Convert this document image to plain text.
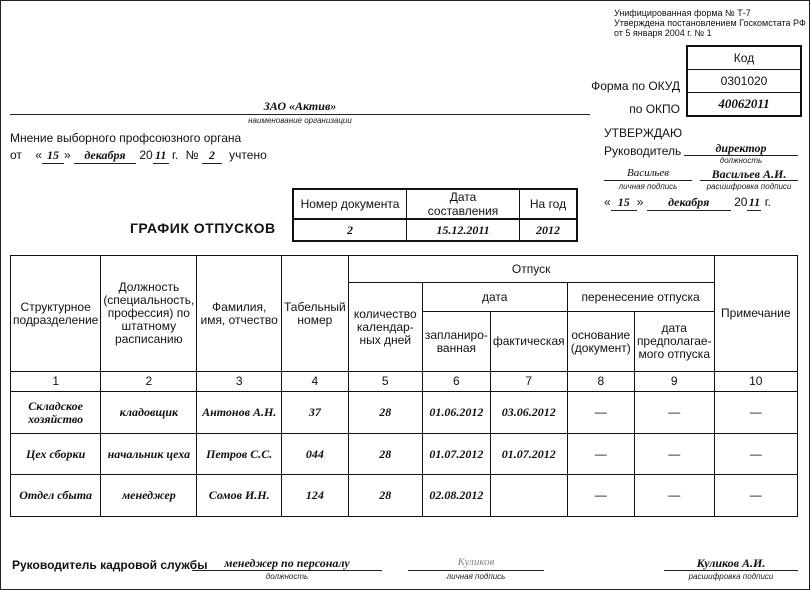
Унифицированная форма № Т-7
Утверждена постановлением Госкомстата РФ
от 5 января 2004 г. № 1
Код
0301020
40062011
Форма по ОКУД
по ОКПО
ЗАО «Актив»
наименование организации
Мнение выборного профсоюзного органа
от « 15 » декабря 20 11 г. № 2 учтено
УТВЕРЖДАЮ
Руководитель	директор
должность
Васильев
личная подпись
Васильев А.И.
расшифровка подписи
« 15 » декабря 2011 г.
Номер документа	Дата составления	На год
2	15.12.2011	2012
ГРАФИК ОТПУСКОВ
Структурное подразделение	Должность (специальность, профессия) по штатному расписанию	Фамилия, имя, отчество	Табельный номер	Отпуск					Примечание
				количество календар-ных дней	дата		перенесение отпуска		
					запланиро-ванная	фактическая	основание (документ)	дата предполагае-мого отпуска	
1	2	3	4	5	6	7	8	9	10
Складское хозяйство	кладовщик	Антонов А.Н.	37	28	01.06.2012	03.06.2012	—	—	—
Цех сборки	начальник цеха	Петров С.С.	044	28	01.07.2012	01.07.2012	—	—	—
Отдел сбыта	менеджер	Сомов И.Н.	124	28	02.08.2012		—	—	—
Руководитель кадровой службы	менеджер по персоналу
должность
Куликов
личная подпись
Куликов А.И.
расшифровка подписи
